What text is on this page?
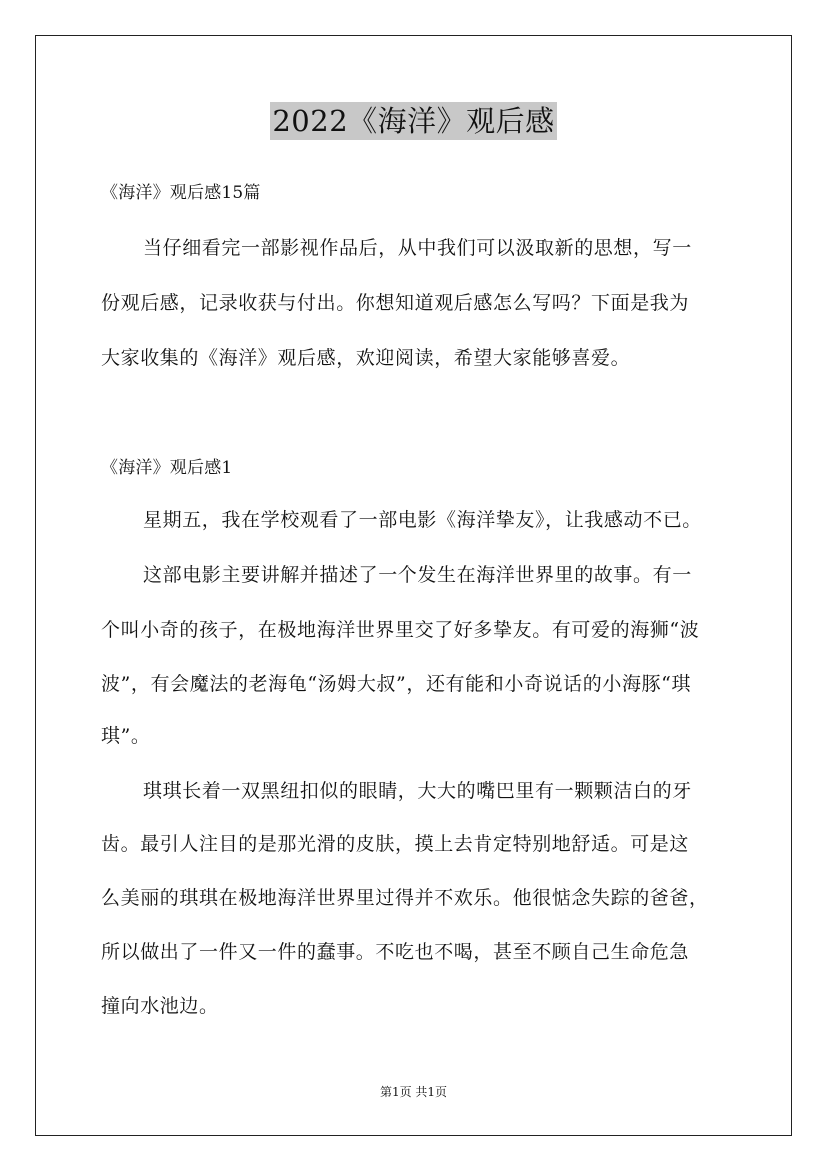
2022《海洋》观后感
《海洋》观后感15篇
当仔细看完一部影视作品后，从中我们可以汲取新的思想，写一
份观后感，记录收获与付出。你想知道观后感怎么写吗？下面是我为
大家收集的《海洋》观后感，欢迎阅读，希望大家能够喜爱。
《海洋》观后感1
星期五，我在学校观看了一部电影《海洋挚友》，让我感动不已。
这部电影主要讲解并描述了一个发生在海洋世界里的故事。有一
个叫小奇的孩子，在极地海洋世界里交了好多挚友。有可爱的海狮“波
波”，有会魔法的老海龟“汤姆大叔”，还有能和小奇说话的小海豚“琪
琪”。
琪琪长着一双黑纽扣似的眼睛，大大的嘴巴里有一颗颗洁白的牙
齿。最引人注目的是那光滑的皮肤，摸上去肯定特别地舒适。可是这
么美丽的琪琪在极地海洋世界里过得并不欢乐。他很惦念失踪的爸爸，
所以做出了一件又一件的蠢事。不吃也不喝，甚至不顾自己生命危急
撞向水池边。
第1页 共1页
